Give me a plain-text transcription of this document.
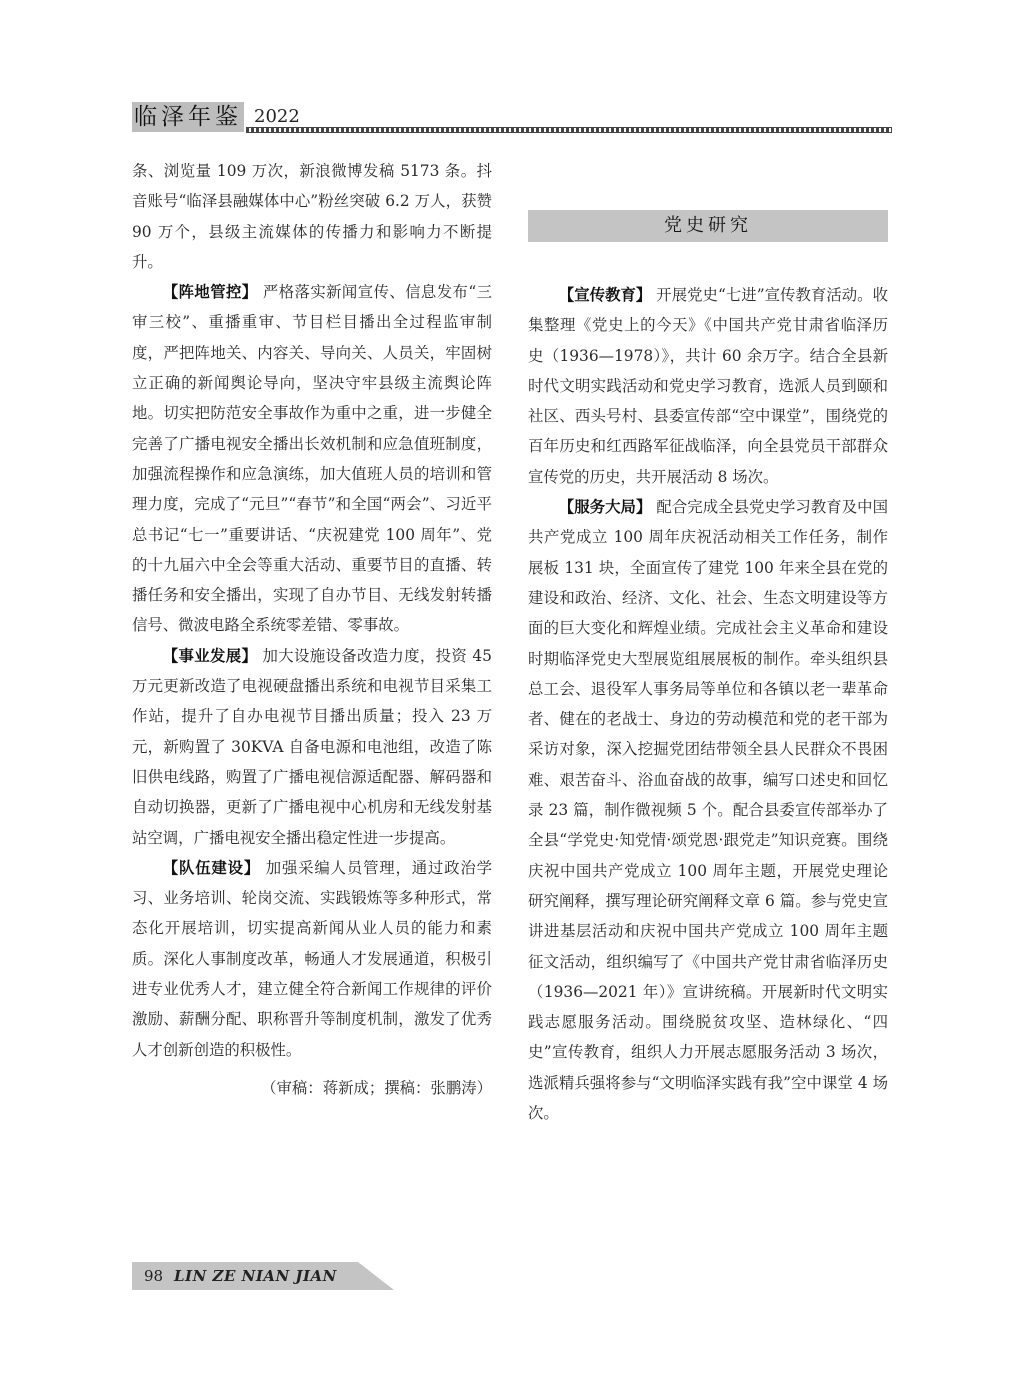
临泽年鉴 2022

条、浏览量 109 万次，新浪微博发稿 5173 条。抖音账号“临泽县融媒体中心”粉丝突破 6.2 万人，获赞 90 万个，县级主流媒体的传播力和影响力不断提升。

【阵地管控】 严格落实新闻宣传、信息发布“三审三校”、重播重审、节目栏目播出全过程监审制度，严把阵地关、内容关、导向关、人员关，牢固树立正确的新闻舆论导向，坚决守牢县级主流舆论阵地。切实把防范安全事故作为重中之重，进一步健全完善了广播电视安全播出长效机制和应急值班制度，加强流程操作和应急演练，加大值班人员的培训和管理力度，完成了“元旦”“春节”和全国“两会”、习近平总书记“七一”重要讲话、“庆祝建党 100 周年”、党的十九届六中全会等重大活动、重要节目的直播、转播任务和安全播出，实现了自办节目、无线发射转播信号、微波电路全系统零差错、零事故。

【事业发展】 加大设施设备改造力度，投资 45 万元更新改造了电视硬盘播出系统和电视节目采集工作站，提升了自办电视节目播出质量；投入 23 万元，新购置了 30KVA 自备电源和电池组，改造了陈旧供电线路，购置了广播电视信源适配器、解码器和自动切换器，更新了广播电视中心机房和无线发射基站空调，广播电视安全播出稳定性进一步提高。

【队伍建设】 加强采编人员管理，通过政治学习、业务培训、轮岗交流、实践锻炼等多种形式，常态化开展培训，切实提高新闻从业人员的能力和素质。深化人事制度改革，畅通人才发展通道，积极引进专业优秀人才，建立健全符合新闻工作规律的评价激励、薪酬分配、职称晋升等制度机制，激发了优秀人才创新创造的积极性。

（审稿：蒋新成；撰稿：张鹏涛）

党史研究

【宣传教育】 开展党史“七进”宣传教育活动。收集整理《党史上的今天》《中国共产党甘肃省临泽历史（1936—1978）》，共计 60 余万字。结合全县新时代文明实践活动和党史学习教育，选派人员到颐和社区、西头号村、县委宣传部“空中课堂”，围绕党的百年历史和红西路军征战临泽，向全县党员干部群众宣传党的历史，共开展活动 8 场次。

【服务大局】 配合完成全县党史学习教育及中国共产党成立 100 周年庆祝活动相关工作任务，制作展板 131 块，全面宣传了建党 100 年来全县在党的建设和政治、经济、文化、社会、生态文明建设等方面的巨大变化和辉煌业绩。完成社会主义革命和建设时期临泽党史大型展览组展展板的制作。牵头组织县总工会、退役军人事务局等单位和各镇以老一辈革命者、健在的老战士、身边的劳动模范和党的老干部为采访对象，深入挖掘党团结带领全县人民群众不畏困难、艰苦奋斗、浴血奋战的故事，编写口述史和回忆录 23 篇，制作微视频 5 个。配合县委宣传部举办了全县“学党史·知党情·颂党恩·跟党走”知识竞赛。围绕庆祝中国共产党成立 100 周年主题，开展党史理论研究阐释，撰写理论研究阐释文章 6 篇。参与党史宣讲进基层活动和庆祝中国共产党成立 100 周年主题征文活动，组织编写了《中国共产党甘肃省临泽历史（1936—2021 年）》宣讲统稿。开展新时代文明实践志愿服务活动。围绕脱贫攻坚、造林绿化、“四史”宣传教育，组织人力开展志愿服务活动 3 场次，选派精兵强将参与“文明临泽实践有我”空中课堂 4 场次。

98 LIN ZE NIAN JIAN
